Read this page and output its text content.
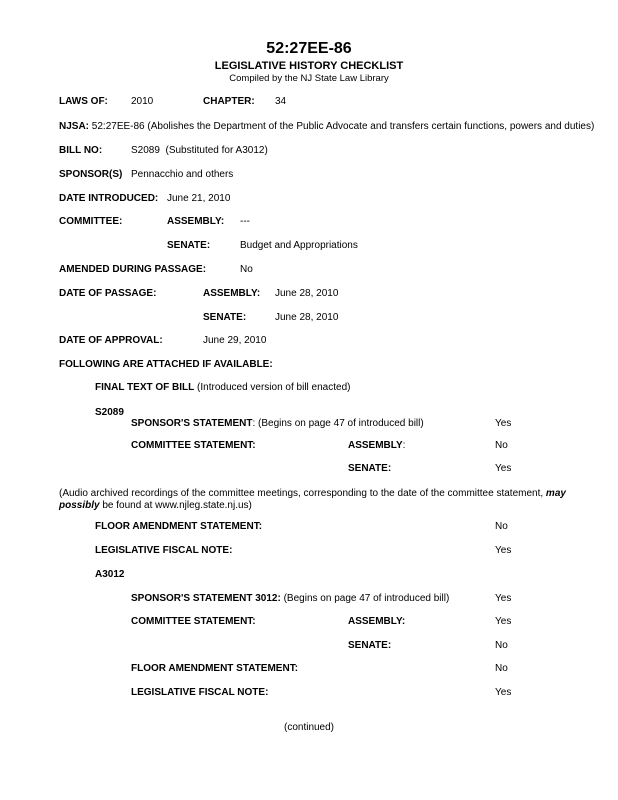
52:27EE-86
LEGISLATIVE HISTORY CHECKLIST
Compiled by the NJ State Law Library
LAWS OF: 2010	CHAPTER: 34
NJSA: 52:27EE-86 (Abolishes the Department of the Public Advocate and transfers certain functions, powers and duties)
BILL NO:	S2089 (Substituted for A3012)
SPONSOR(S) Pennacchio and others
DATE INTRODUCED: June 21, 2010
COMMITTEE:	ASSEMBLY: ---
SENATE:	Budget and Appropriations
AMENDED DURING PASSAGE:	No
DATE OF PASSAGE:	ASSEMBLY: June 28, 2010
SENATE:	June 28, 2010
DATE OF APPROVAL:	June 29, 2010
FOLLOWING ARE ATTACHED IF AVAILABLE:
FINAL TEXT OF BILL (Introduced version of bill enacted)
S2089
SPONSOR'S STATEMENT: (Begins on page 47 of introduced bill)	Yes
COMMITTEE STATEMENT:	ASSEMBLY:	No
SENATE:	Yes
(Audio archived recordings of the committee meetings, corresponding to the date of the committee statement, may possibly be found at www.njleg.state.nj.us)
FLOOR AMENDMENT STATEMENT:	No
LEGISLATIVE FISCAL NOTE:	Yes
A3012
SPONSOR'S STATEMENT 3012: (Begins on page 47 of introduced bill)	Yes
COMMITTEE STATEMENT:	ASSEMBLY:	Yes
SENATE:	No
FLOOR AMENDMENT STATEMENT:	No
LEGISLATIVE FISCAL NOTE:	Yes
(continued)
